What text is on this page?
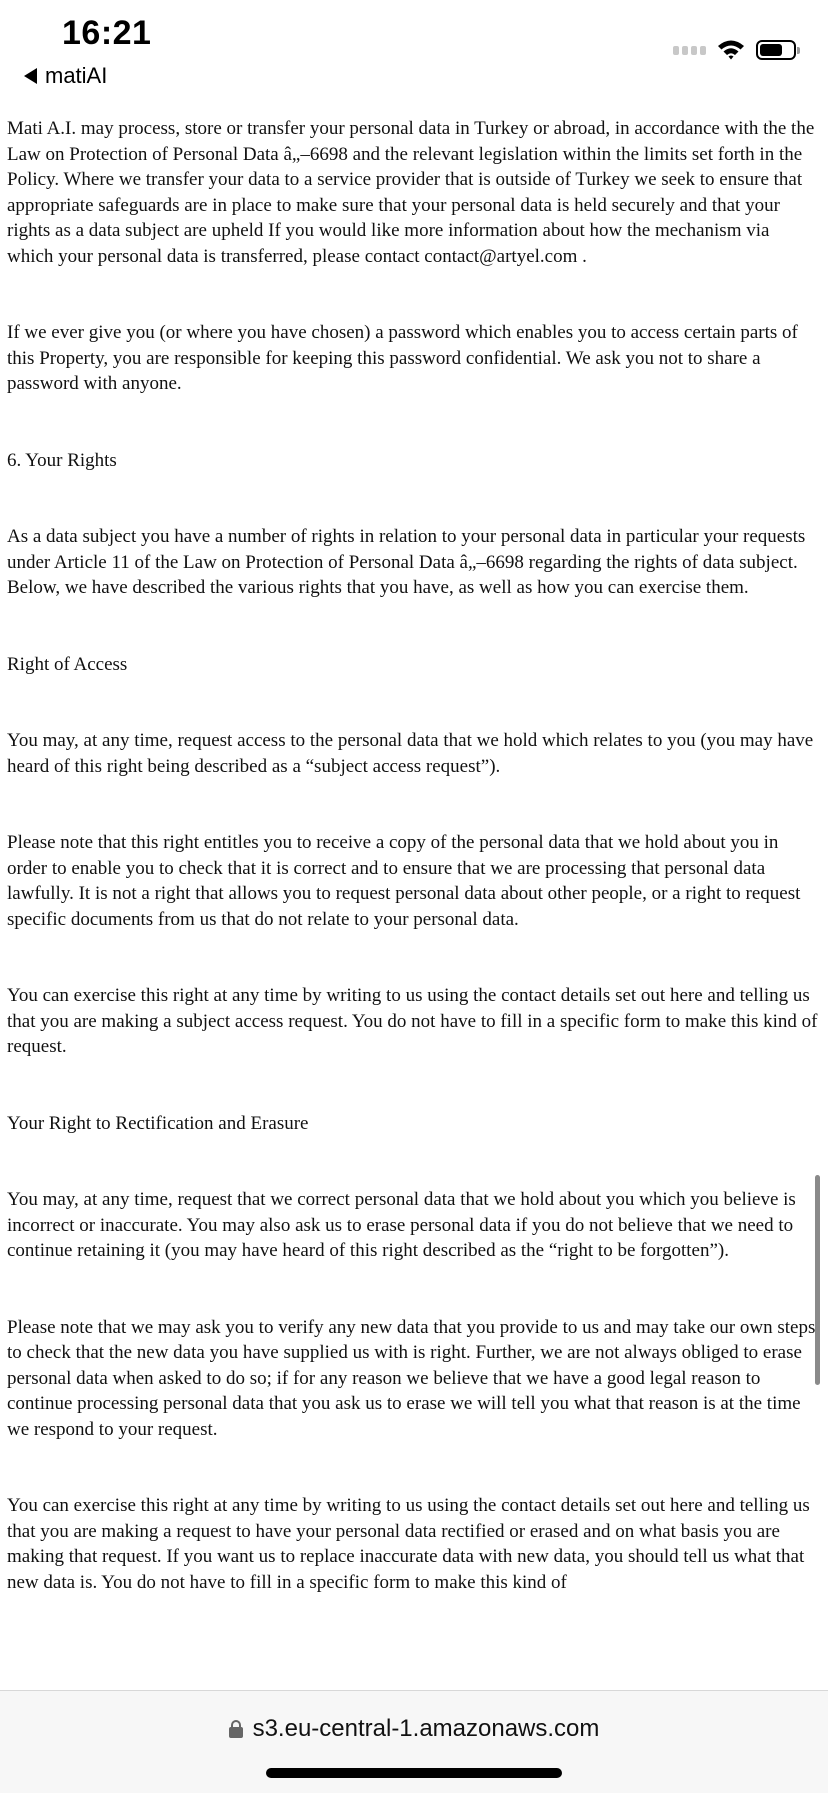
16:21
matiAI

Mati A.I. may process, store or transfer your personal data in Turkey or abroad, in accordance with the the Law on Protection of Personal Data â„–6698 and the relevant legislation within the limits set forth in the Policy. Where we transfer your data to a service provider that is outside of Turkey we seek to ensure that appropriate safeguards are in place to make sure that your personal data is held securely and that your rights as a data subject are upheld If you would like more information about how the mechanism via which your personal data is transferred, please contact contact@artyel.com .

If we ever give you (or where you have chosen) a password which enables you to access certain parts of this Property, you are responsible for keeping this password confidential. We ask you not to share a password with anyone.

6. Your Rights

As a data subject you have a number of rights in relation to your personal data in particular your requests under Article 11 of the Law on Protection of Personal Data â„–6698 regarding the rights of data subject. Below, we have described the various rights that you have, as well as how you can exercise them.

Right of Access

You may, at any time, request access to the personal data that we hold which relates to you (you may have heard of this right being described as a “subject access request”).

Please note that this right entitles you to receive a copy of the personal data that we hold about you in order to enable you to check that it is correct and to ensure that we are processing that personal data lawfully. It is not a right that allows you to request personal data about other people, or a right to request specific documents from us that do not relate to your personal data.

You can exercise this right at any time by writing to us using the contact details set out here and telling us that you are making a subject access request. You do not have to fill in a specific form to make this kind of request.

Your Right to Rectification and Erasure

You may, at any time, request that we correct personal data that we hold about you which you believe is incorrect or inaccurate. You may also ask us to erase personal data if you do not believe that we need to continue retaining it (you may have heard of this right described as the “right to be forgotten”).

Please note that we may ask you to verify any new data that you provide to us and may take our own steps to check that the new data you have supplied us with is right. Further, we are not always obliged to erase personal data when asked to do so; if for any reason we believe that we have a good legal reason to continue processing personal data that you ask us to erase we will tell you what that reason is at the time we respond to your request.

You can exercise this right at any time by writing to us using the contact details set out here and telling us that you are making a request to have your personal data rectified or erased and on what basis you are making that request. If you want us to replace inaccurate data with new data, you should tell us what that new data is. You do not have to fill in a specific form to make this kind of

s3.eu-central-1.amazonaws.com
